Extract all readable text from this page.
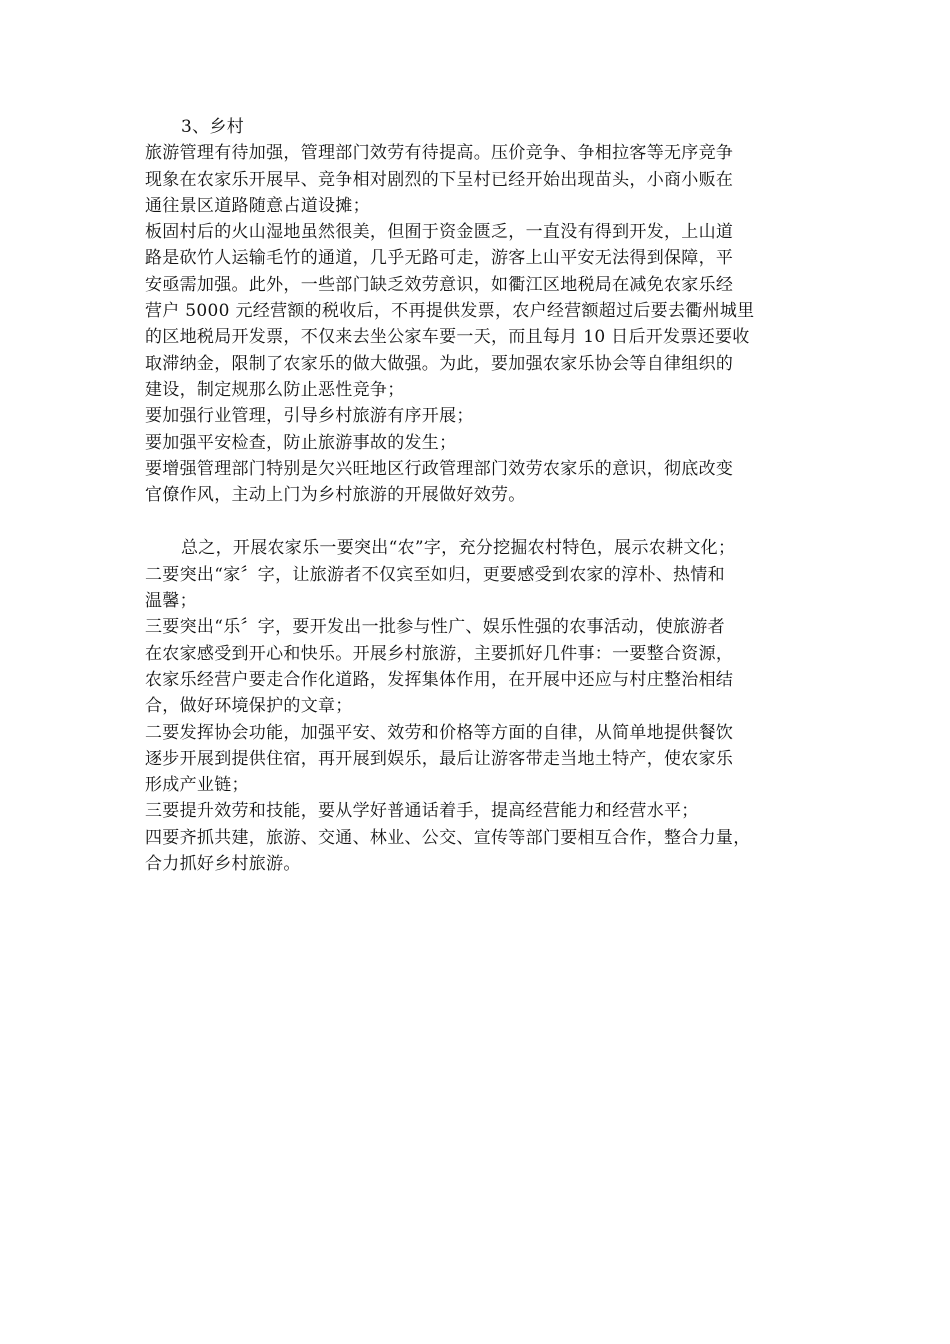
3、乡村

旅游管理有待加强，管理部门效劳有待提高。压价竞争、争相拉客等无序竞争

现象在农家乐开展早、竞争相对剧烈的下呈村已经开始出现苗头，小商小贩在

通往景区道路随意占道设摊；

板固村后的火山湿地虽然很美，但囿于资金匮乏，一直没有得到开发，上山道

路是砍竹人运输毛竹的通道，几乎无路可走，游客上山平安无法得到保障，平

安亟需加强。此外，一些部门缺乏效劳意识，如衢江区地税局在减免农家乐经

营户 5000 元经营额的税收后，不再提供发票，农户经营额超过后要去衢州城里

的区地税局开发票，不仅来去坐公家车要一天，而且每月 10 日后开发票还要收

取滞纳金，限制了农家乐的做大做强。为此，要加强农家乐协会等自律组织的

建设，制定规那么防止恶性竞争；

要加强行业管理，引导乡村旅游有序开展；

要加强平安检查，防止旅游事故的发生；

要增强管理部门特别是欠兴旺地区行政管理部门效劳农家乐的意识，彻底改变

官僚作风，主动上门为乡村旅游的开展做好效劳。

总之，开展农家乐一要突出“农”字，充分挖掘农村特色，展示农耕文化；

二要突出“家〞字，让旅游者不仅宾至如归，更要感受到农家的淳朴、热情和

温馨；

三要突出“乐〞字，要开发出一批参与性广、娱乐性强的农事活动，使旅游者

在农家感受到开心和快乐。开展乡村旅游，主要抓好几件事：一要整合资源，

农家乐经营户要走合作化道路，发挥集体作用，在开展中还应与村庄整治相结

合，做好环境保护的文章；

二要发挥协会功能，加强平安、效劳和价格等方面的自律，从简单地提供餐饮

逐步开展到提供住宿，再开展到娱乐，最后让游客带走当地土特产，使农家乐

形成产业链；

三要提升效劳和技能，要从学好普通话着手，提高经营能力和经营水平；

四要齐抓共建，旅游、交通、林业、公交、宣传等部门要相互合作，整合力量，

合力抓好乡村旅游。
